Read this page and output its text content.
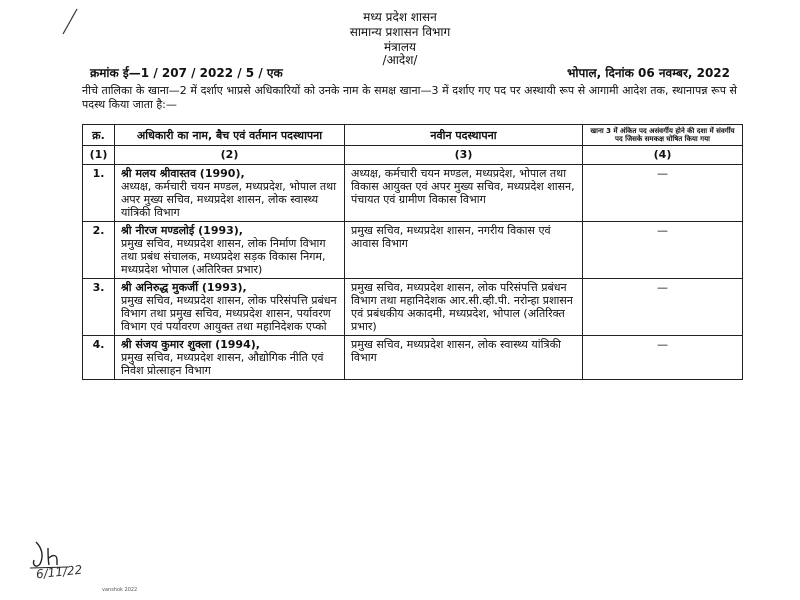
मध्य प्रदेश शासन
सामान्य प्रशासन विभाग
मंत्रालय
/आदेश/
क्रमांक ई—1 / 207 / 2022 / 5 / एक	भोपाल, दिनांक 06 नवम्बर, 2022
नीचे तालिका के खाना—2 में दर्शाए भाप्रसे अधिकारियों को उनके नाम के समक्ष खाना—3 में दर्शाए गए पद पर अस्थायी रूप से आगामी आदेश तक, स्थानापन्न रूप से पदस्थ किया जाता है:—
क्र.	अधिकारी का नाम, बैच एवं वर्तमान पदस्थापना	नवीन पदस्थापना	खाना 3 में अंकित पद असंवर्गीय होने की दशा में संवर्गीय पद जिसके समकक्ष घोषित किया गया
(1)	(2)	(3)	(4)
1.	श्री मलय श्रीवास्तव (1990),
अध्यक्ष, कर्मचारी चयन मण्डल, मध्यप्रदेश, भोपाल तथा अपर मुख्य सचिव, मध्यप्रदेश शासन, लोक स्वास्थ्य यांत्रिकी विभाग	अध्यक्ष, कर्मचारी चयन मण्डल, मध्यप्रदेश, भोपाल तथा विकास आयुक्त एवं अपर मुख्य सचिव, मध्यप्रदेश शासन, पंचायत एवं ग्रामीण विकास विभाग	—
2.	श्री नीरज मण्डलोई (1993),
प्रमुख सचिव, मध्यप्रदेश शासन, लोक निर्माण विभाग तथा प्रबंध संचालक, मध्यप्रदेश सड़क विकास निगम, मध्यप्रदेश भोपाल (अतिरिक्त प्रभार)	प्रमुख सचिव, मध्यप्रदेश शासन, नगरीय विकास एवं आवास विभाग	—
3.	श्री अनिरुद्ध मुकर्जी (1993),
प्रमुख सचिव, मध्यप्रदेश शासन, लोक परिसंपत्ति प्रबंधन विभाग तथा प्रमुख सचिव, मध्यप्रदेश शासन, पर्यावरण विभाग एवं पर्यावरण आयुक्त तथा महानिदेशक एप्को	प्रमुख सचिव, मध्यप्रदेश शासन, लोक परिसंपत्ति प्रबंधन विभाग तथा महानिदेशक आर.सी.व्ही.पी. नरोन्हा प्रशासन एवं प्रबंधकीय अकादमी, मध्यप्रदेश, भोपाल (अतिरिक्त प्रभार)	—
4.	श्री संजय कुमार शुक्ला (1994),
प्रमुख सचिव, मध्यप्रदेश शासन, औद्योगिक नीति एवं निवेश प्रोत्साहन विभाग	प्रमुख सचिव, मध्यप्रदेश शासन, लोक स्वास्थ्य यांत्रिकी विभाग	—
6/11/22
vanshok 2022
